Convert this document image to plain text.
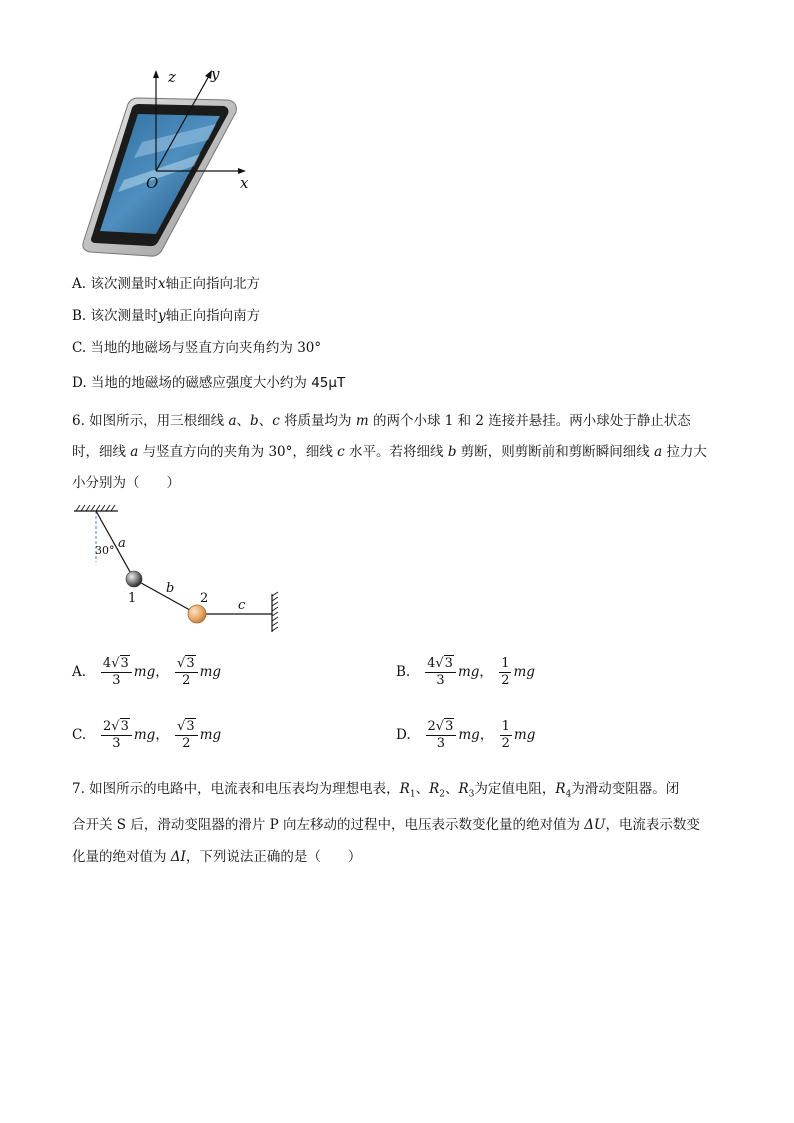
z y
x
O
A. 该次测量时x轴正向指向北方
B. 该次测量时y轴正向指向南方
C. 当地的地磁场与竖直方向夹角约为 30°
D. 当地的地磁场的磁感应强度大小约为 45μT
6. 如图所示，用三根细线 a、b、c 将质量均为 m 的两个小球 1 和 2 连接并悬挂。两小球处于静止状态
时，细线 a 与竖直方向的夹角为 30°，细线 c 水平。若将细线 b 剪断，则剪断前和剪断瞬间细线 a 拉力大
小分别为（　　）
30° a
b
c
1	2
A. $\frac{4√3}{3}$ mg， $\frac{√3}{2}$ mg	B. $\frac{4√3}{3}$ mg， $\frac{1}{2}$ mg
C. $\frac{2√3}{3}$ mg， $\frac{√3}{2}$ mg	D. $\frac{2√3}{3}$ mg， $\frac{1}{2}$ mg
7. 如图所示的电路中，电流表和电压表均为理想电表，$R_1$、$R_2$、$R_3$为定值电阻，$R_4$为滑动变阻器。闭
合开关 S 后，滑动变阻器的滑片 P 向左移动的过程中，电压表示数变化量的绝对值为 ΔU，电流表示数变
化量的绝对值为 ΔI，下列说法正确的是（　　）
